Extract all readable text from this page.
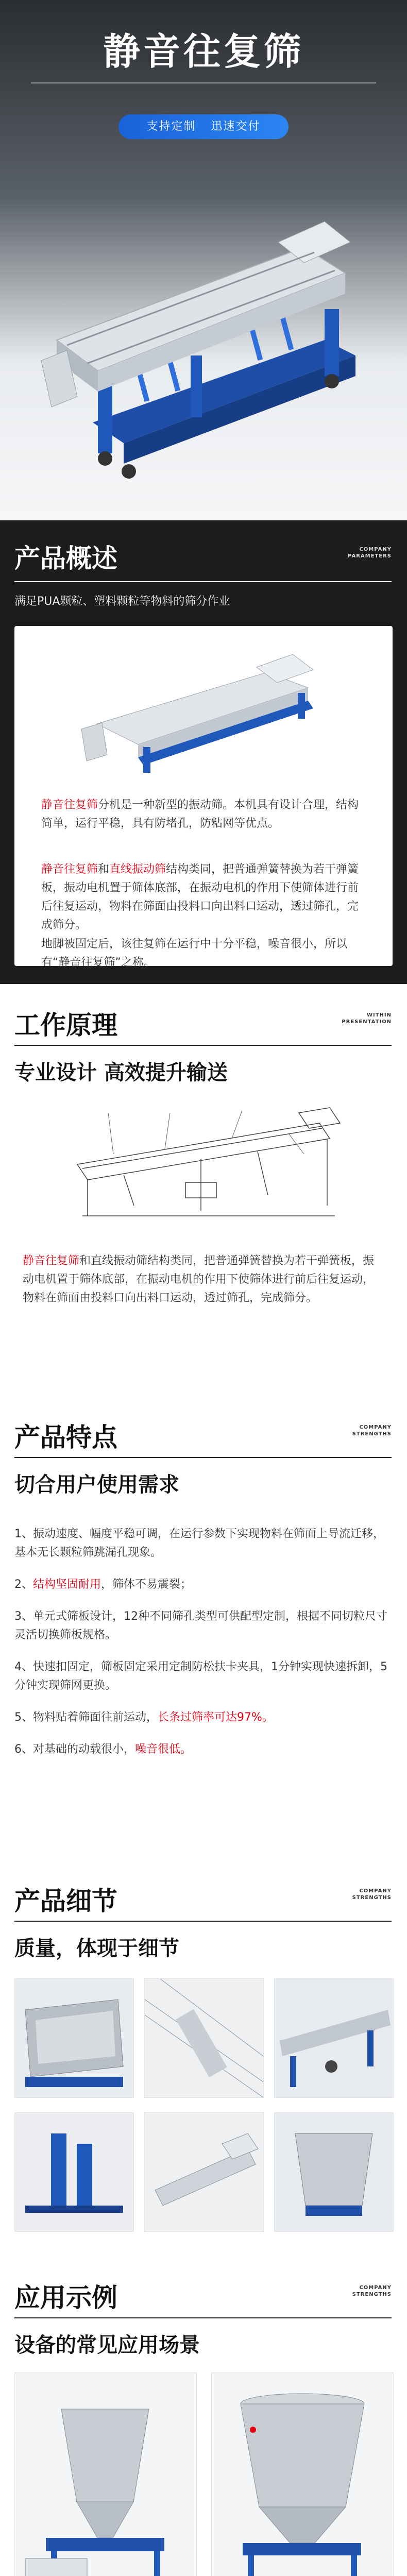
静音往复筛
支持定制 迅速交付
产品概述	COMPANY
PARAMETERS
满足PUA颗粒、塑料颗粒等物料的筛分作业
静音往复筛分机是一种新型的振动筛。本机具有设计合理，结构简单，运行平稳，具有防堵孔，防粘网等优点。
静音往复筛和直线振动筛结构类同，把普通弹簧替换为若干弹簧板，振动电机置于筛体底部，在振动电机的作用下使筛体进行前后往复运动，物料在筛面由投料口向出料口运动，透过筛孔，完成筛分。
地脚被固定后，该往复筛在运行中十分平稳，噪音很小，所以有“静音往复筛”之称。
工作原理	WITHIN
PRESENTATION
专业设计 高效提升输送
静音往复筛和直线振动筛结构类同，把普通弹簧替换为若干弹簧板，振动电机置于筛体底部，在振动电机的作用下使筛体进行前后往复运动，物料在筛面由投料口向出料口运动，透过筛孔，完成筛分。
产品特点	COMPANY
STRENGTHS
切合用户使用需求

1、振动速度、幅度平稳可调，在运行参数下实现物料在筛面上导流迁移，基本无长颗粒筛跳漏孔现象。

2、结构坚固耐用，筛体不易震裂；

3、单元式筛板设计，12种不同筛孔类型可供配型定制，根据不同切粒尺寸灵活切换筛板规格。

4、快速扣固定，筛板固定采用定制防松扶卡夹具，1分钟实现快速拆卸，5分钟实现筛网更换。

5、物料贴着筛面往前运动，长条过筛率可达97%。

6、对基础的动载很小，噪音很低。

产品细节	COMPANY
STRENGTHS
质量，体现于细节
应用示例	COMPANY
STRENGTHS
设备的常见应用场景
